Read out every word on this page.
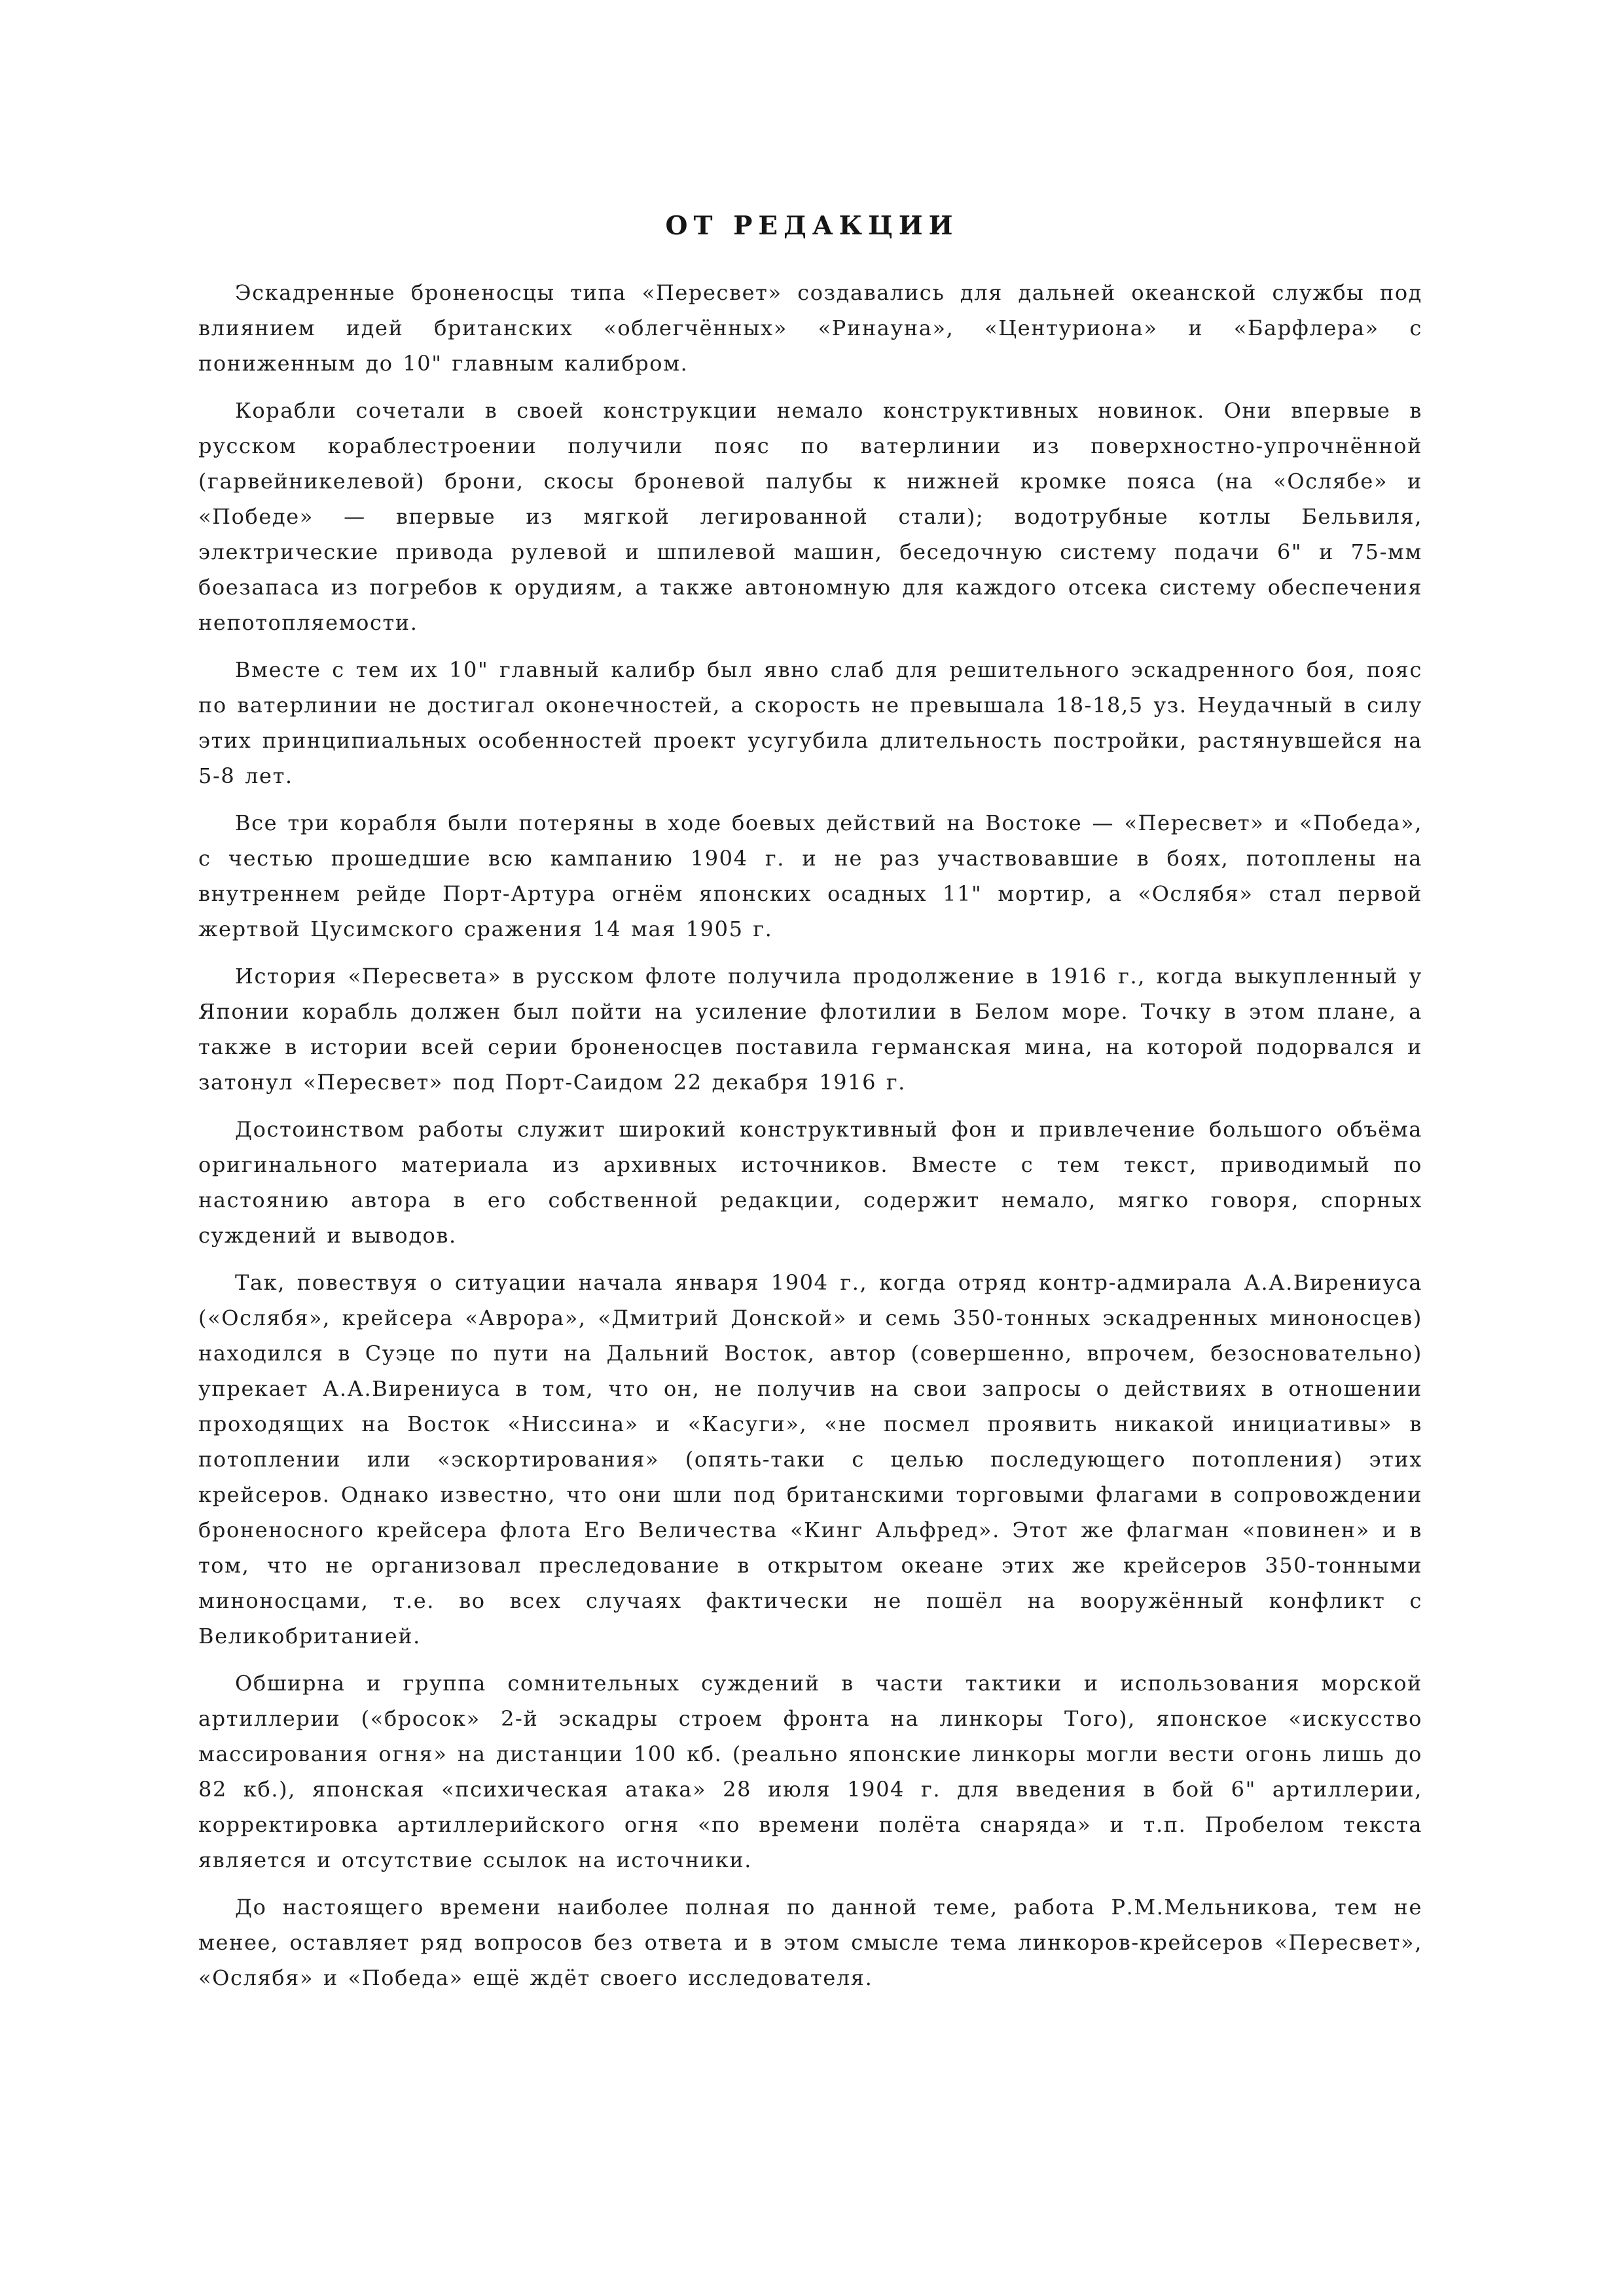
ОТ РЕДАКЦИИ

Эскадренные броненосцы типа «Пересвет» создавались для дальней океанской службы под влиянием идей британских «облегчённых» «Ринауна», «Центуриона» и «Барфлера» с пониженным до 10" главным калибром.

Корабли сочетали в своей конструкции немало конструктивных новинок. Они впервые в русском кораблестроении получили пояс по ватерлинии из поверхностно-упрочнённой (гарвейникелевой) брони, скосы броневой палубы к нижней кромке пояса (на «Ослябе» и «Победе» — впервые из мягкой легированной стали); водотрубные котлы Бельвиля, электрические привода рулевой и шпилевой машин, беседочную систему подачи 6" и 75-мм боезапаса из погребов к орудиям, а также автономную для каждого отсека систему обеспечения непотопляемости.

Вместе с тем их 10" главный калибр был явно слаб для решительного эскадренного боя, пояс по ватерлинии не достигал оконечностей, а скорость не превышала 18-18,5 уз. Неудачный в силу этих принципиальных особенностей проект усугубила длительность постройки, растянувшейся на 5-8 лет.

Все три корабля были потеряны в ходе боевых действий на Востоке — «Пересвет» и «Победа», с честью прошедшие всю кампанию 1904 г. и не раз участвовавшие в боях, потоплены на внутреннем рейде Порт-Артура огнём японских осадных 11" мортир, а «Ослябя» стал первой жертвой Цусимского сражения 14 мая 1905 г.

История «Пересвета» в русском флоте получила продолжение в 1916 г., когда выкупленный у Японии корабль должен был пойти на усиление флотилии в Белом море. Точку в этом плане, а также в истории всей серии броненосцев поставила германская мина, на которой подорвался и затонул «Пересвет» под Порт-Саидом 22 декабря 1916 г.

Достоинством работы служит широкий конструктивный фон и привлечение большого объёма оригинального материала из архивных источников. Вместе с тем текст, приводимый по настоянию автора в его собственной редакции, содержит немало, мягко говоря, спорных суждений и выводов.

Так, повествуя о ситуации начала января 1904 г., когда отряд контр-адмирала А.А.Вирениуса («Ослябя», крейсера «Аврора», «Дмитрий Донской» и семь 350-тонных эскадренных миноносцев) находился в Суэце по пути на Дальний Восток, автор (совершенно, впрочем, безосновательно) упрекает А.А.Вирениуса в том, что он, не получив на свои запросы о действиях в отношении проходящих на Восток «Ниссина» и «Касуги», «не посмел проявить никакой инициативы» в потоплении или «эскортирования» (опять-таки с целью последующего потопления) этих крейсеров. Однако известно, что они шли под британскими торговыми флагами в сопровождении броненосного крейсера флота Его Величества «Кинг Альфред». Этот же флагман «повинен» и в том, что не организовал преследование в открытом океане этих же крейсеров 350-тонными миноносцами, т.е. во всех случаях фактически не пошёл на вооружённый конфликт с Великобританией.

Обширна и группа сомнительных суждений в части тактики и использования морской артиллерии («бросок» 2-й эскадры строем фронта на линкоры Того), японское «искусство массирования огня» на дистанции 100 кб. (реально японские линкоры могли вести огонь лишь до 82 кб.), японская «психическая атака» 28 июля 1904 г. для введения в бой 6" артиллерии, корректировка артиллерийского огня «по времени полёта снаряда» и т.п. Пробелом текста является и отсутствие ссылок на источники.

До настоящего времени наиболее полная по данной теме, работа Р.М.Мельникова, тем не менее, оставляет ряд вопросов без ответа и в этом смысле тема линкоров-крейсеров «Пересвет», «Ослябя» и «Победа» ещё ждёт своего исследователя.
